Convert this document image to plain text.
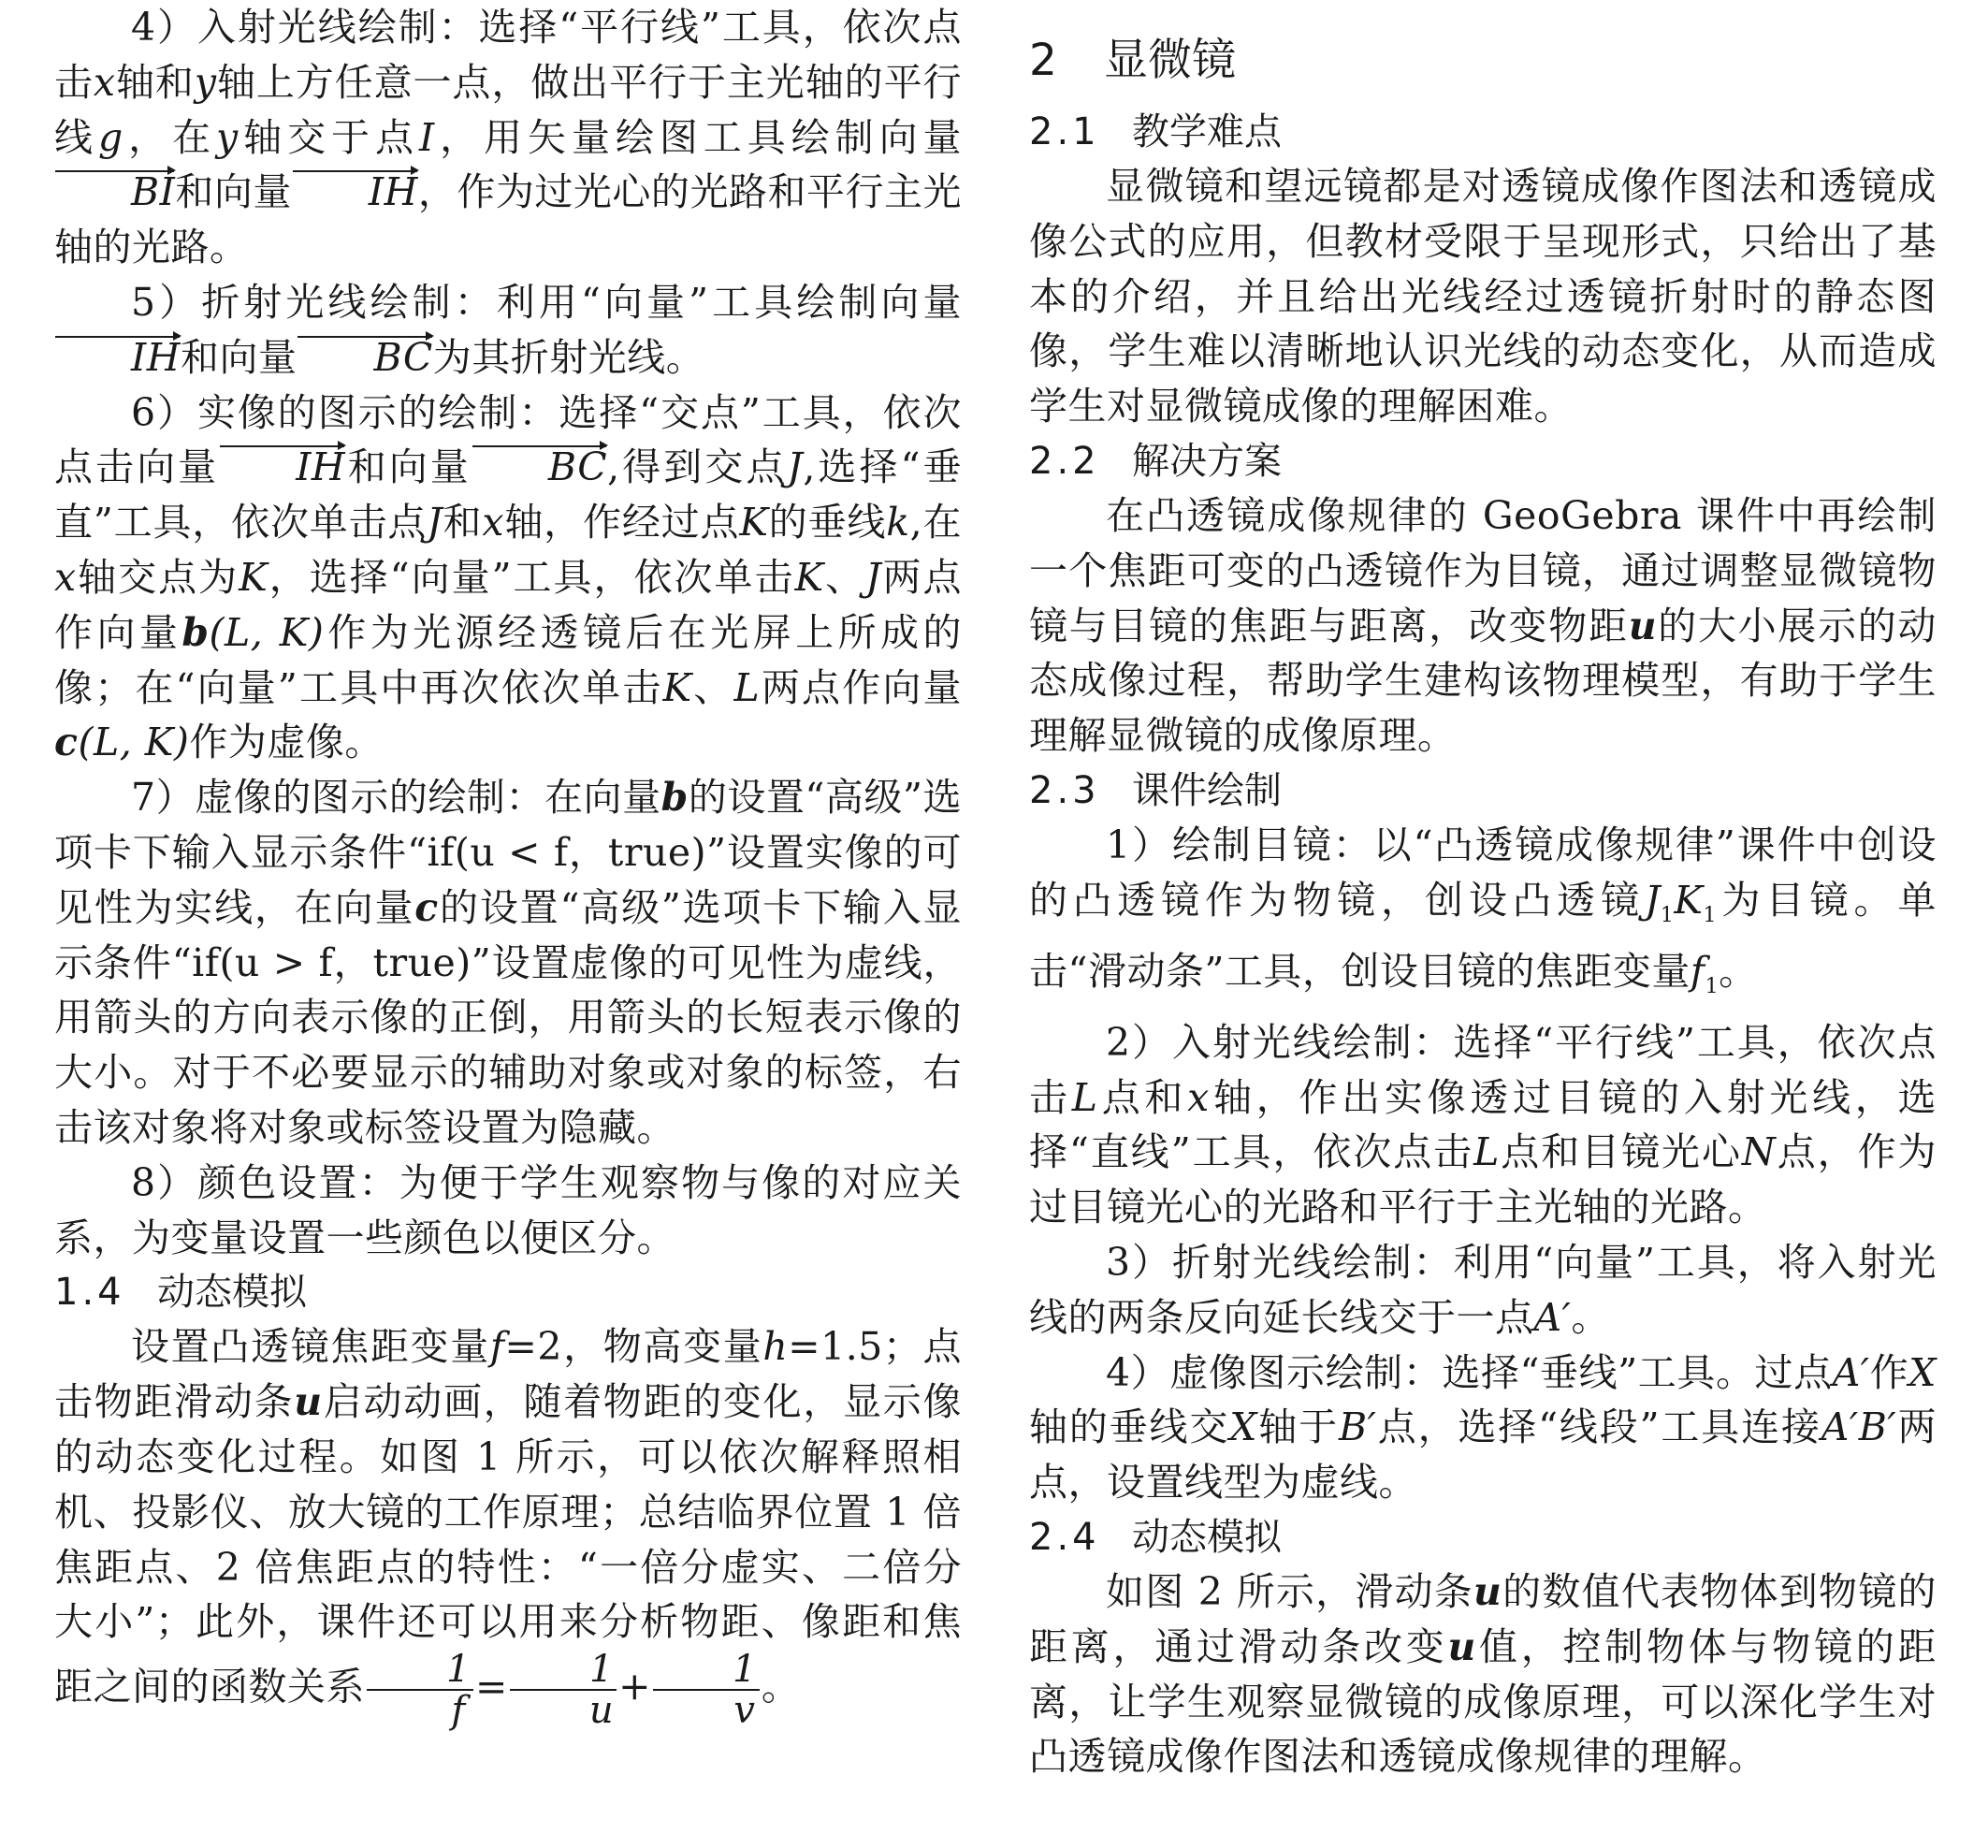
4）入射光线绘制：选择“平行线”工具，依次点击x轴和y轴上方任意一点，做出平行于主光轴的平行线g，在y轴交于点I，用矢量绘图工具绘制向量BI和向量 IH，作为过光心的光路和平行主光轴的光路。

5）折射光线绘制：利用“向量”工具绘制向量IH和向量 BC为其折射光线。

6）实像的图示的绘制：选择“交点”工具，依次点击向量 IH和向量 BC,得到交点J,选择“垂直”工具，依次单击点J和x轴，作经过点K的垂线k,在x轴交点为K，选择“向量”工具，依次单击K、J两点作向量b(L, K)作为光源经透镜后在光屏上所成的像；在“向量”工具中再次依次单击K、L两点作向量c(L, K)作为虚像。

7）虚像的图示的绘制：在向量b的设置“高级”选项卡下输入显示条件“if(u < f，true)”设置实像的可见性为实线，在向量c的设置“高级”选项卡下输入显示条件“if(u > f，true)”设置虚像的可见性为虚线，用箭头的方向表示像的正倒，用箭头的长短表示像的大小。对于不必要显示的辅助对象或对象的标签，右击该对象将对象或标签设置为隐藏。

8）颜色设置：为便于学生观察物与像的对应关系，为变量设置一些颜色以便区分。

1.4 动态模拟

设置凸透镜焦距变量f=2，物高变量h=1.5；点击物距滑动条u启动动画，随着物距的变化，显示像的动态变化过程。如图 1 所示，可以依次解释照相机、投影仪、放大镜的工作原理；总结临界位置 1 倍焦距点、2 倍焦距点的特性：“一倍分虚实、二倍分大小”；此外，课件还可以用来分析物距、像距和焦距之间的函数关系 $\frac{1}{f} = \frac{1}{u} + \frac{1}{v}$ 。

2 显微镜
2.1 教学难点

显微镜和望远镜都是对透镜成像作图法和透镜成像公式的应用，但教材受限于呈现形式，只给出了基本的介绍，并且给出光线经过透镜折射时的静态图像，学生难以清晰地认识光线的动态变化，从而造成学生对显微镜成像的理解困难。

2.2 解决方案

在凸透镜成像规律的 GeoGebra 课件中再绘制一个焦距可变的凸透镜作为目镜，通过调整显微镜物镜与目镜的焦距与距离，改变物距u的大小展示的动态成像过程，帮助学生建构该物理模型，有助于学生理解显微镜的成像原理。

2.3 课件绘制

1）绘制目镜：以“凸透镜成像规律”课件中创设的凸透镜作为物镜，创设凸透镜$J_1K_1$为目镜。单击“滑动条”工具，创设目镜的焦距变量$f_1$。

2）入射光线绘制：选择“平行线”工具，依次点击L点和x轴，作出实像透过目镜的入射光线，选择“直线”工具，依次点击L点和目镜光心N点，作为过目镜光心的光路和平行于主光轴的光路。

3）折射光线绘制：利用“向量”工具，将入射光线的两条反向延长线交于一点A′。

4）虚像图示绘制：选择“垂线”工具。过点A′作X轴的垂线交X轴于B′点，选择“线段”工具连接A′B′两点，设置线型为虚线。

2.4 动态模拟

如图 2 所示，滑动条u的数值代表物体到物镜的距离，通过滑动条改变u值，控制物体与物镜的距离，让学生观察显微镜的成像原理，可以深化学生对凸透镜成像作图法和透镜成像规律的理解。
